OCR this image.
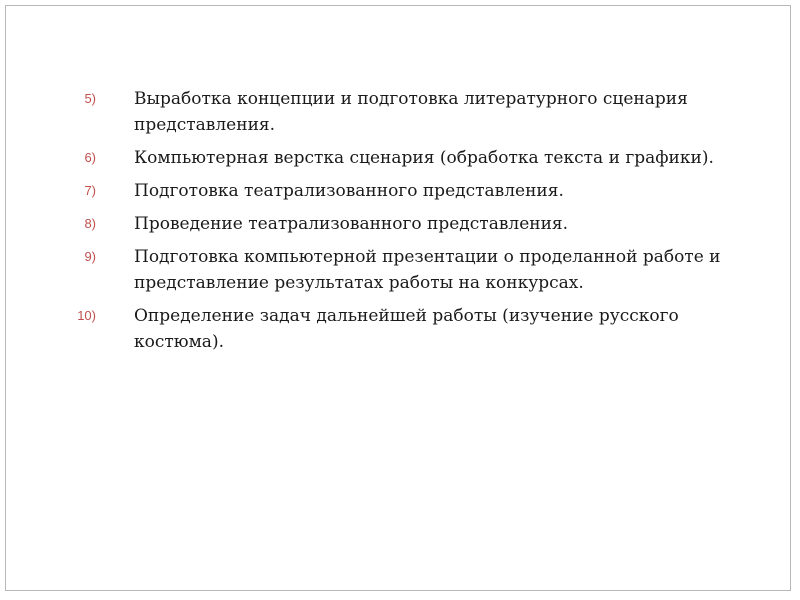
5) Выработка концепции и подготовка литературного сценария представления.
6) Компьютерная верстка сценария (обработка текста и графики).
7) Подготовка театрализованного представления.
8) Проведение театрализованного представления.
9) Подготовка компьютерной презентации о проделанной работе и представление результатах работы на конкурсах.
10) Определение задач дальнейшей работы (изучение русского костюма).
